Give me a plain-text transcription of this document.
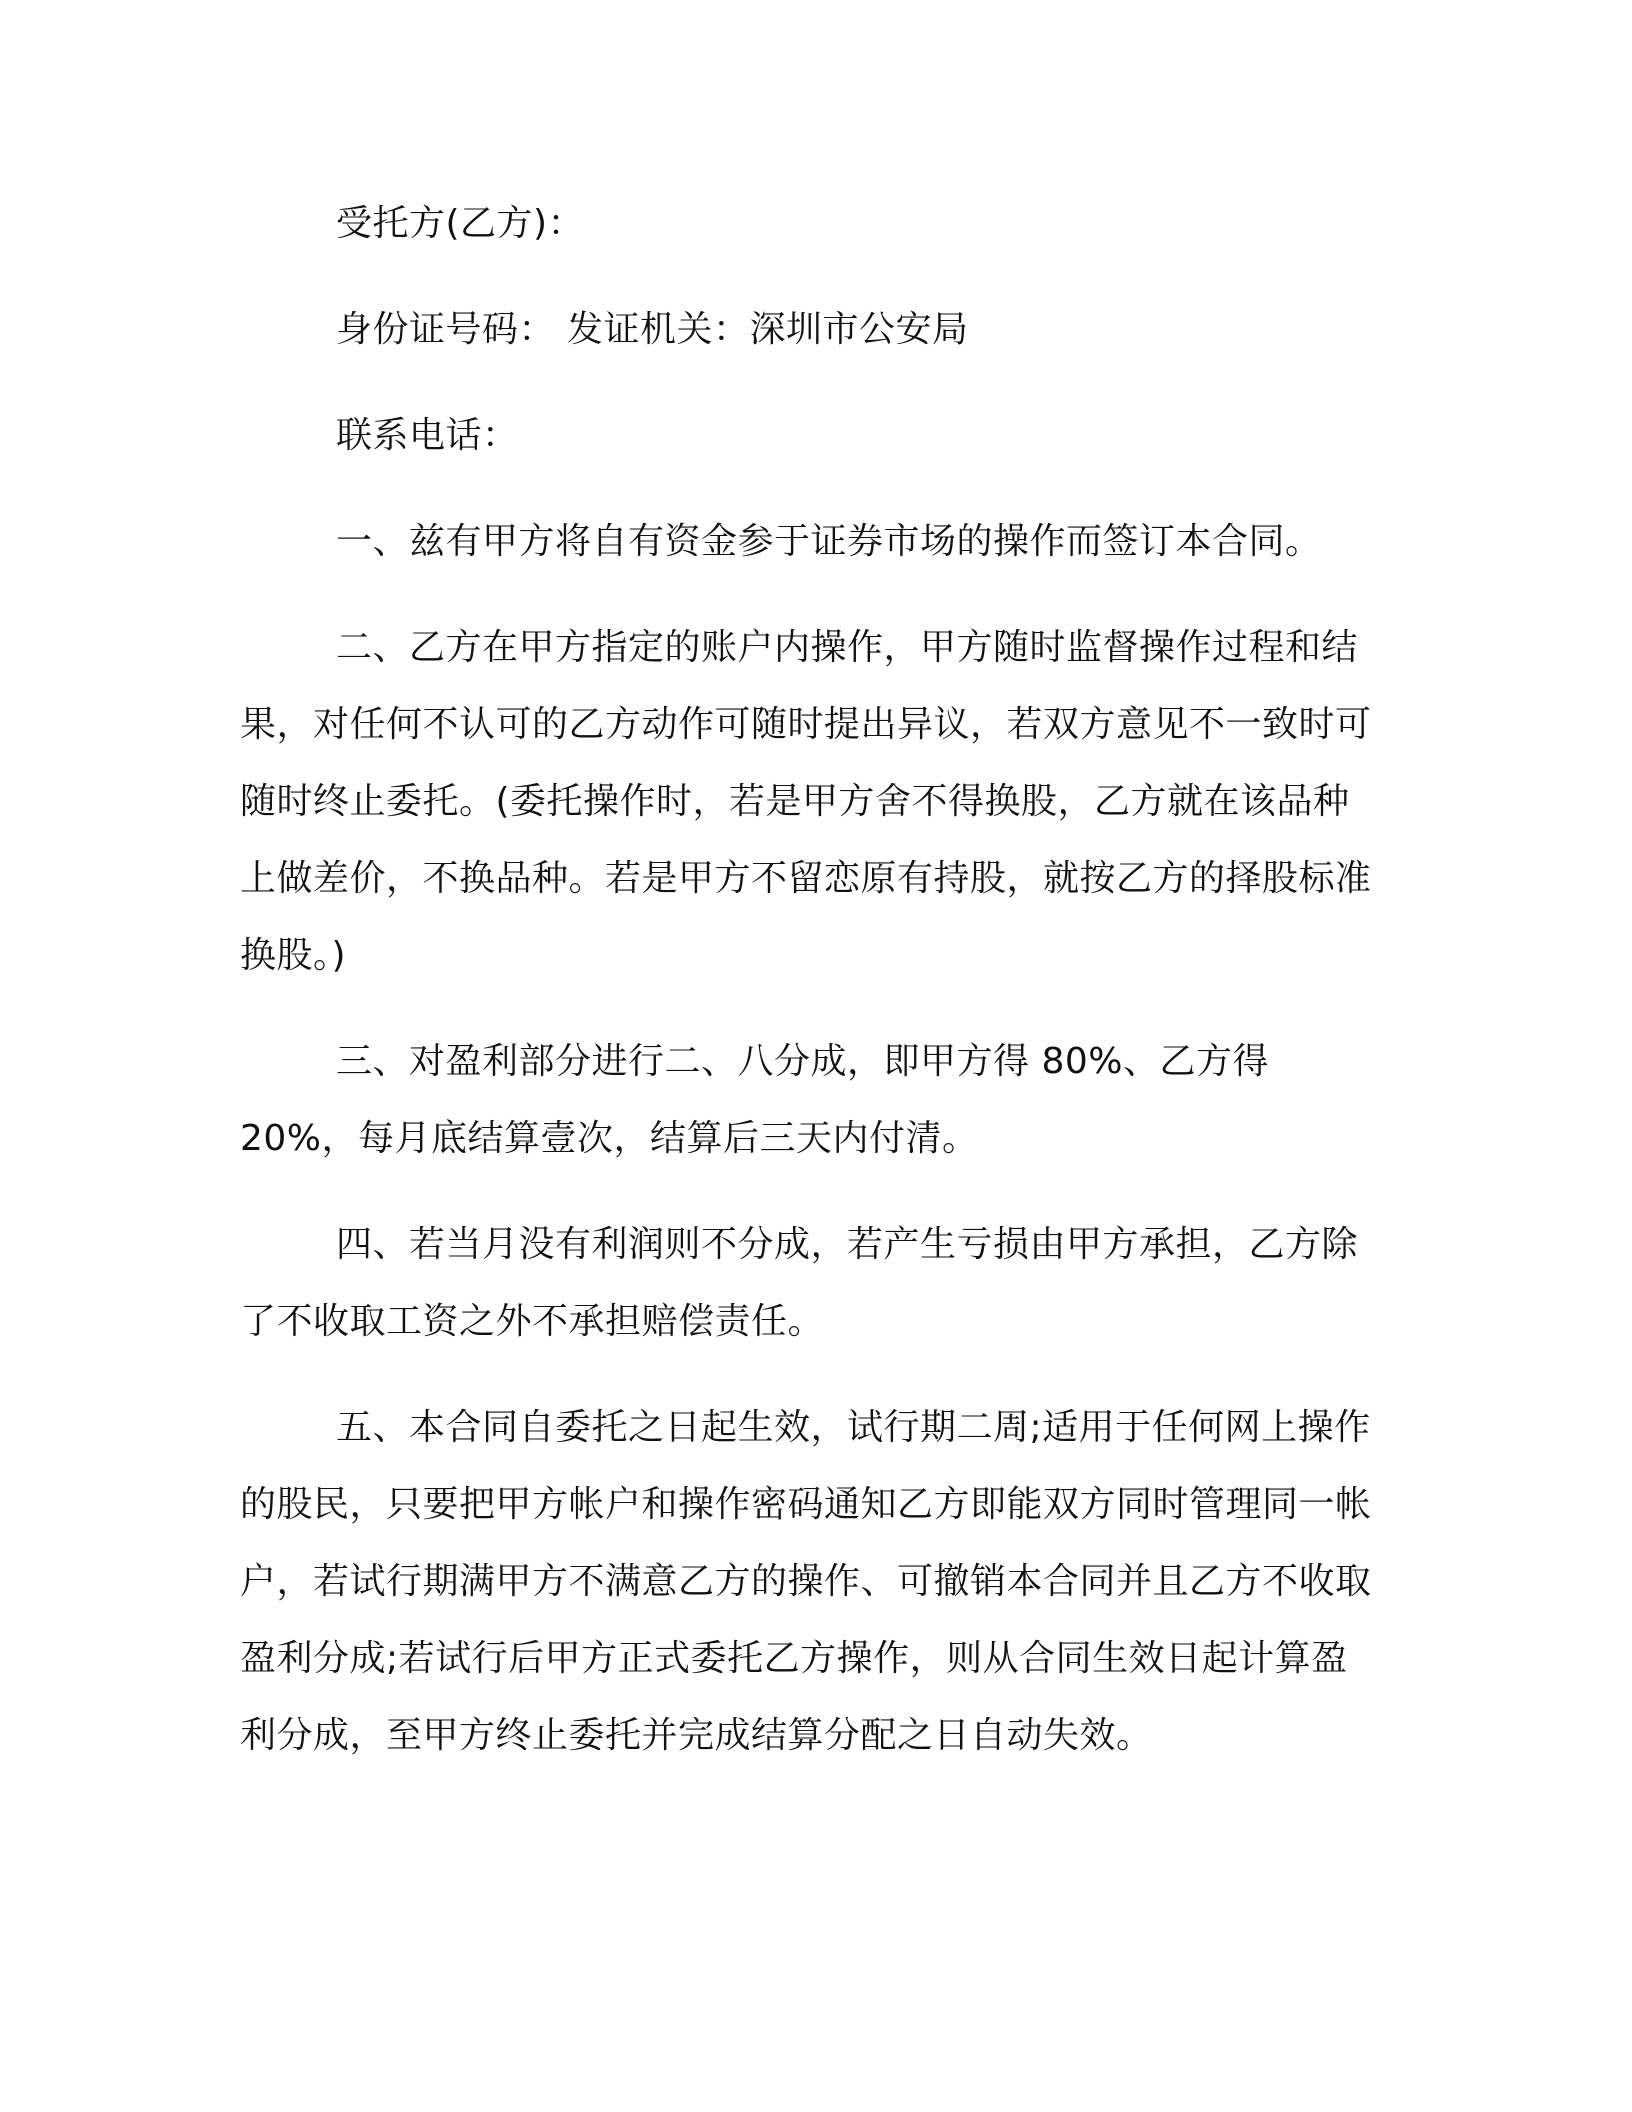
受托方(乙方)：

身份证号码： 发证机关：深圳市公安局

联系电话：

一、兹有甲方将自有资金参于证券市场的操作而签订本合同。

二、乙方在甲方指定的账户内操作，甲方随时监督操作过程和结果，对任何不认可的乙方动作可随时提出异议，若双方意见不一致时可随时终止委托。(委托操作时，若是甲方舍不得换股，乙方就在该品种上做差价，不换品种。若是甲方不留恋原有持股，就按乙方的择股标准换股。)

三、对盈利部分进行二、八分成，即甲方得 80%、乙方得 20%，每月底结算壹次，结算后三天内付清。

四、若当月没有利润则不分成，若产生亏损由甲方承担，乙方除了不收取工资之外不承担赔偿责任。

五、本合同自委托之日起生效，试行期二周;适用于任何网上操作的股民，只要把甲方帐户和操作密码通知乙方即能双方同时管理同一帐户，若试行期满甲方不满意乙方的操作、可撤销本合同并且乙方不收取盈利分成;若试行后甲方正式委托乙方操作，则从合同生效日起计算盈利分成，至甲方终止委托并完成结算分配之日自动失效。
